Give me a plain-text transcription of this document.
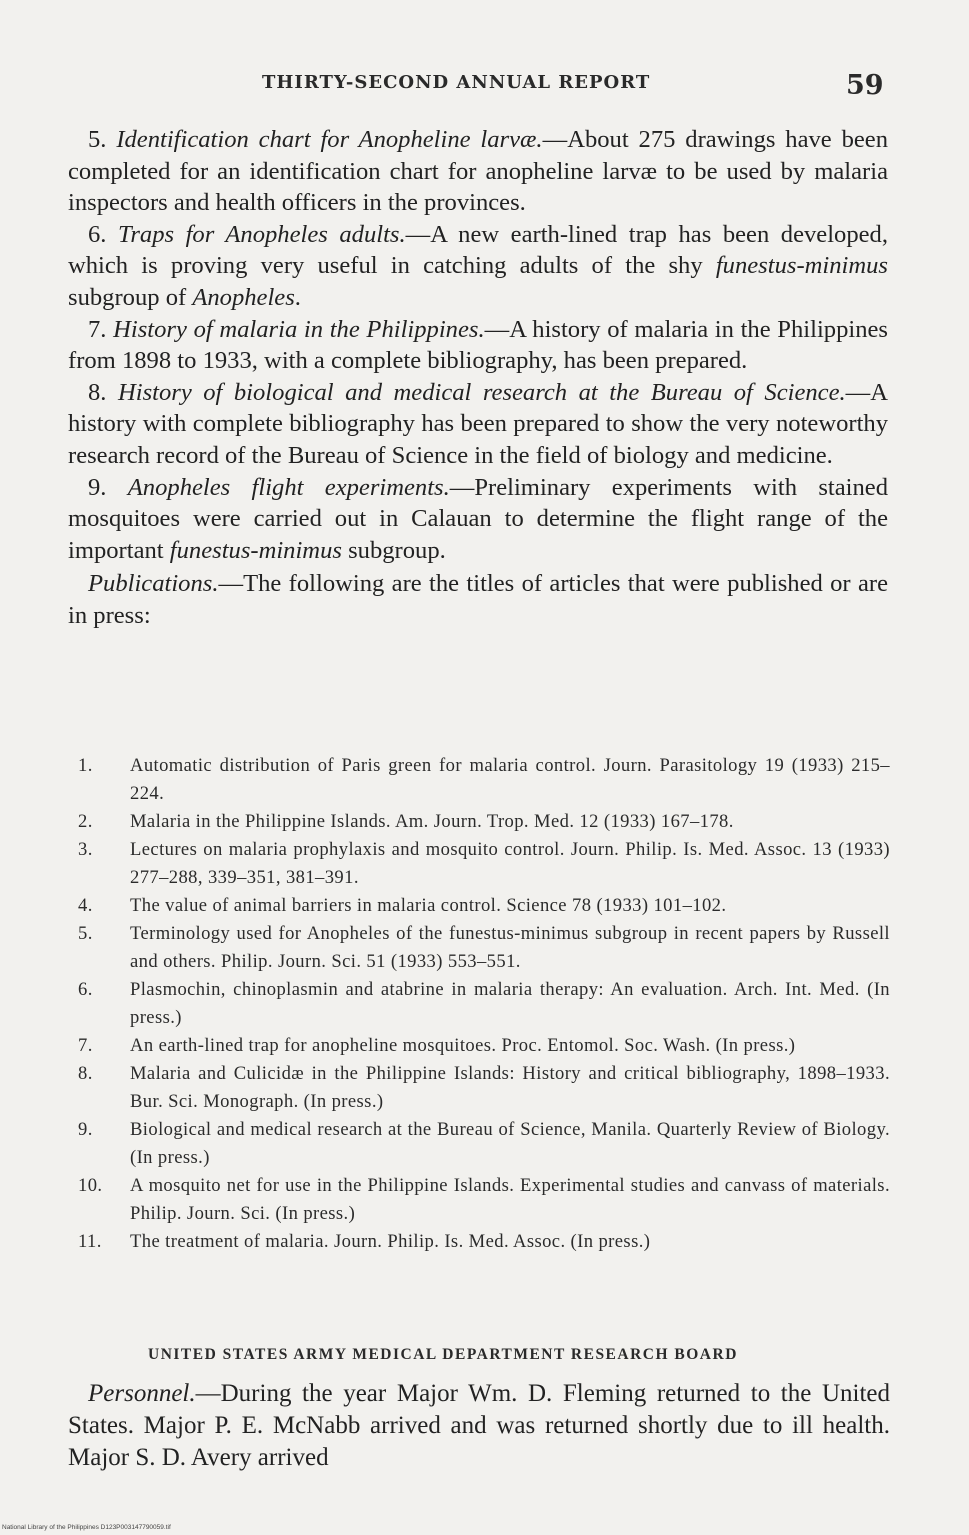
THIRTY-SECOND ANNUAL REPORT	59

5. Identification chart for Anopheline larvæ.—About 275 drawings have been completed for an identification chart for anopheline larvæ to be used by malaria inspectors and health officers in the provinces.

6. Traps for Anopheles adults.—A new earth-lined trap has been developed, which is proving very useful in catching adults of the shy funestus-minimus subgroup of Anopheles.

7. History of malaria in the Philippines.—A history of malaria in the Philippines from 1898 to 1933, with a complete bibliography, has been prepared.

8. History of biological and medical research at the Bureau of Science.—A history with complete bibliography has been prepared to show the very noteworthy research record of the Bureau of Science in the field of biology and medicine.

9. Anopheles flight experiments.—Preliminary experiments with stained mosquitoes were carried out in Calauan to determine the flight range of the important funestus-minimus subgroup.

Publications.—The following are the titles of articles that were published or are in press:

1. Automatic distribution of Paris green for malaria control. Journ. Parasitology 19 (1933) 215–224.
2. Malaria in the Philippine Islands. Am. Journ. Trop. Med. 12 (1933) 167–178.
3. Lectures on malaria prophylaxis and mosquito control. Journ. Philip. Is. Med. Assoc. 13 (1933) 277–288, 339–351, 381–391.
4. The value of animal barriers in malaria control. Science 78 (1933) 101–102.
5. Terminology used for Anopheles of the funestus-minimus subgroup in recent papers by Russell and others. Philip. Journ. Sci. 51 (1933) 553–551.
6. Plasmochin, chinoplasmin and atabrine in malaria therapy: An evaluation. Arch. Int. Med. (In press.)
7. An earth-lined trap for anopheline mosquitoes. Proc. Entomol. Soc. Wash. (In press.)
8. Malaria and Culicidæ in the Philippine Islands: History and critical bibliography, 1898–1933. Bur. Sci. Monograph. (In press.)
9. Biological and medical research at the Bureau of Science, Manila. Quarterly Review of Biology. (In press.)
10. A mosquito net for use in the Philippine Islands. Experimental studies and canvass of materials. Philip. Journ. Sci. (In press.)
11. The treatment of malaria. Journ. Philip. Is. Med. Assoc. (In press.)
UNITED STATES ARMY MEDICAL DEPARTMENT RESEARCH BOARD

Personnel.—During the year Major Wm. D. Fleming returned to the United States. Major P. E. McNabb arrived and was returned shortly due to ill health. Major S. D. Avery arrived

National Library of the Philippines D123P003147790059.tif
